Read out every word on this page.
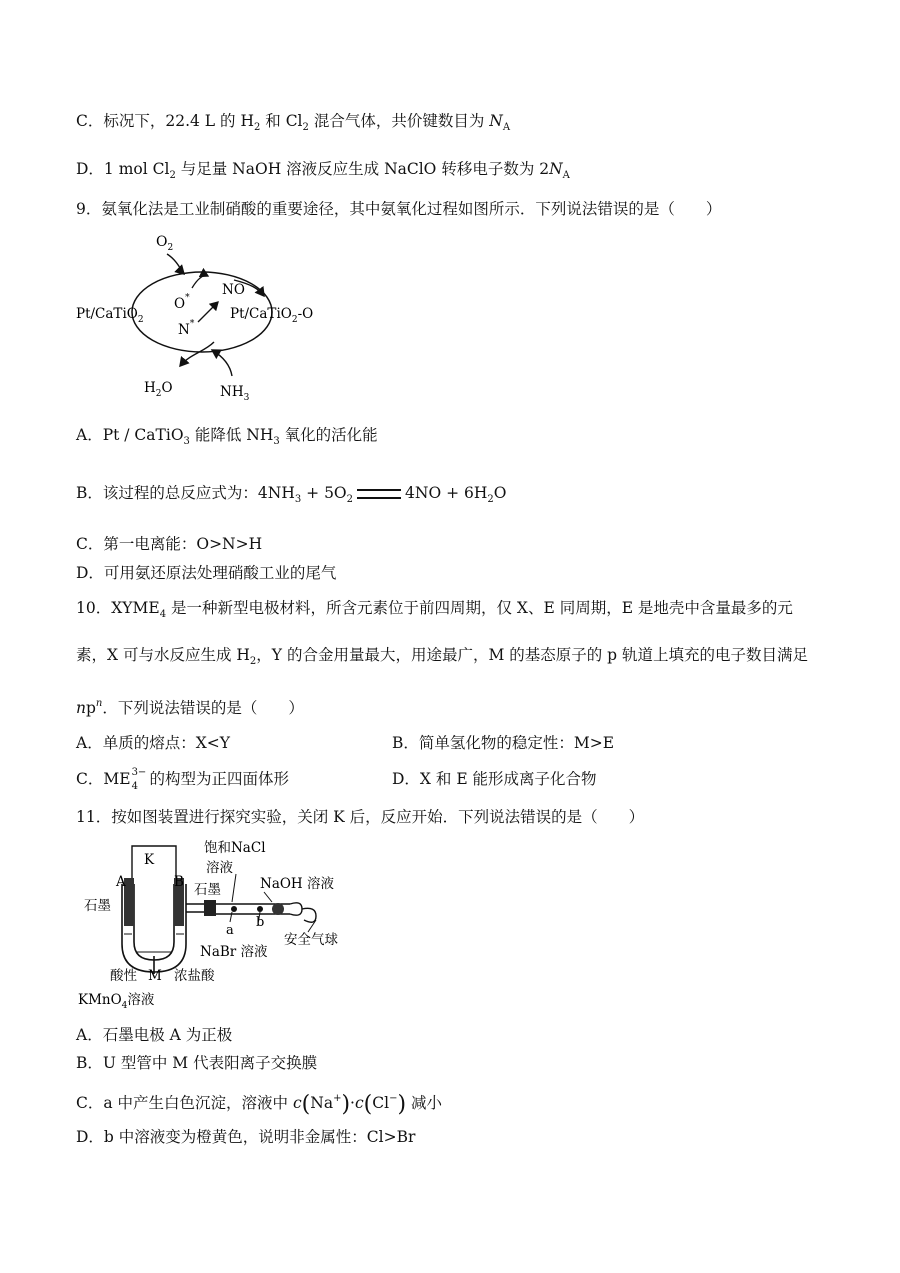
C．标况下，22.4 L 的 $H_2$ 和 $Cl_2$ 混合气体，共价键数目为 $N_A$
D．1 mol $Cl_2$ 与足量 NaOH 溶液反应生成 NaClO 转移电子数为 $2N_A$
9．氨氧化法是工业制硝酸的重要途径，其中氨氧化过程如图所示．下列说法错误的是（　　）
$O_2$
Pt/CaTiO$_2$
O* NO
N*
Pt/CaTiO$_2$-O
$H_2O$	$NH_3$
A．Pt / CaTiO$_3$ 能降低 $NH_3$ 氧化的活化能
B．该过程的总反应式为：$4NH_3 + 5O_2$	$4NO + 6H_2O$
C．第一电离能：O>N>H
D．可用氨还原法处理硝酸工业的尾气
10．$XYME_4$ 是一种新型电极材料，所含元素位于前四周期，仅 X、E 同周期，E 是地壳中含量最多的元
素，X 可与水反应生成 $H_2$，Y 的合金用量最大，用途最广，M 的基态原子的 p 轨道上填充的电子数目满足
$np^n$．下列说法错误的是（　　）
A．单质的熔点：X<Y	B．简单氢化物的稳定性：M>E
C．ME 3−
4 的构型为正四面体形	D．X 和 E 能形成离子化合物
11．按如图装置进行探究实验，关闭 K 后，反应开始．下列说法错误的是（　　）
K
A	B
石墨
石墨
饱和NaCl
溶液
NaOH 溶液
a
b
NaBr 溶液
安全气球
酸性 M 浓盐酸
KMnO$_4$溶液
A．石墨电极 A 为正极
B．U 型管中 M 代表阳离子交换膜
C．a 中产生白色沉淀，溶液中 c(Na+)·c(Cl−) 减小
D．b 中溶液变为橙黄色，说明非金属性：Cl>Br
